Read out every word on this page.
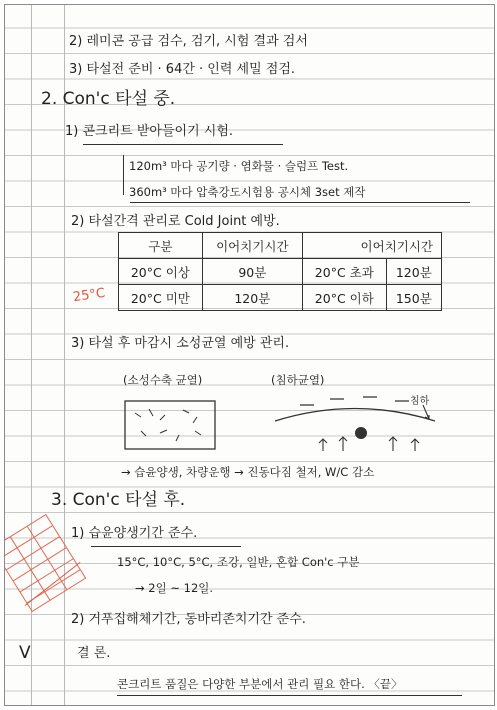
2) 레미콘 공급 검수, 검기, 시험 결과 검서
3) 타설전 준비 · 64간 · 인력 세밀 점검.
2. Con'c 타설 중.
1) 콘크리트 받아들이기 시험.
120m³ 마다 공기량 · 염화물 · 슬럼프 Test.
360m³ 마다 압축강도시험용 공시체 3set 제작
2) 타설간격 관리로 Cold Joint 예방.
구분	이어치기시간	이어치기시간	
20°C 이상	90분	20°C 초과	120분
20°C 미만	120분	20°C 이하	150분
25°C
3) 타설 후 마감시 소성균열 예방 관리.
(소성수축 균열)	(침하균열)
침하
→ 습윤양생, 차량운행 → 진동다짐 철저, W/C 감소
3. Con'c 타설 후.
1) 습윤양생기간 준수.
15°C, 10°C, 5°C, 조강, 일반, 혼합 Con'c 구분
→ 2일 ~ 12일.
2) 거푸집해체기간, 동바리존치기간 준수.
V	결 론.
콘크리트 품질은 다양한 부분에서 관리 필요 한다. 〈끝〉
